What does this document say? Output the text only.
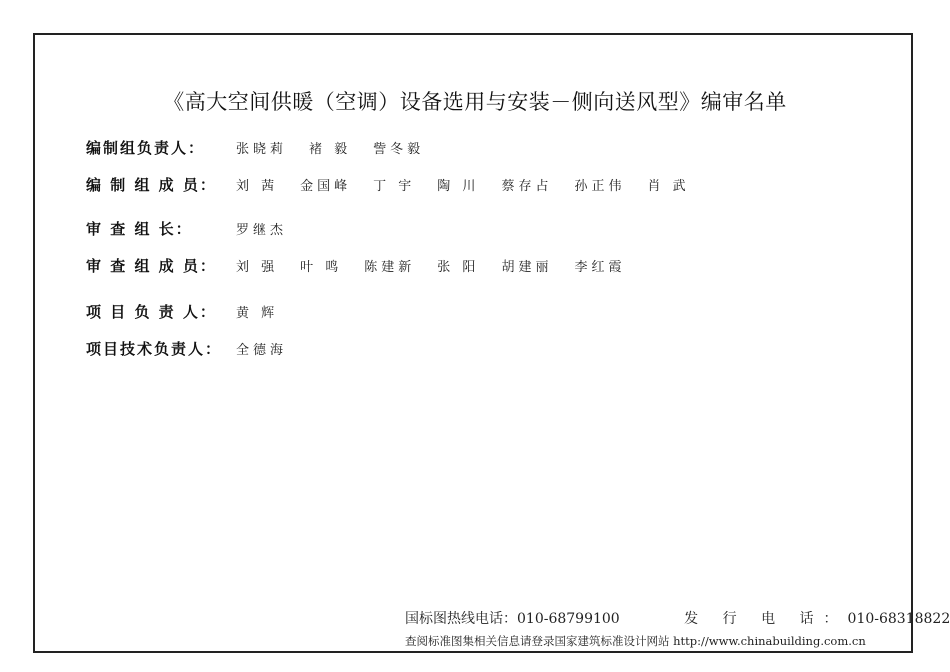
《高大空间供暖（空调）设备选用与安装－侧向送风型》编审名单
编制组负责人：	张晓莉 褚 毅 訾冬毅
编 制 组 成 员：	刘 茜 金国峰 丁 宇 陶 川 蔡存占 孙正伟 肖 武
审 查 组 长：	罗继杰
审 查 组 成 员：	刘 强 叶 鸣 陈建新 张 阳 胡建丽 李红霞
项 目 负 责 人：	黄 辉
项目技术负责人：	全德海
国标图热线电话：010-68799100	发 行 电 话：010-68318822
查阅标准图集相关信息请登录国家建筑标准设计网站 http://www.chinabuilding.com.cn
